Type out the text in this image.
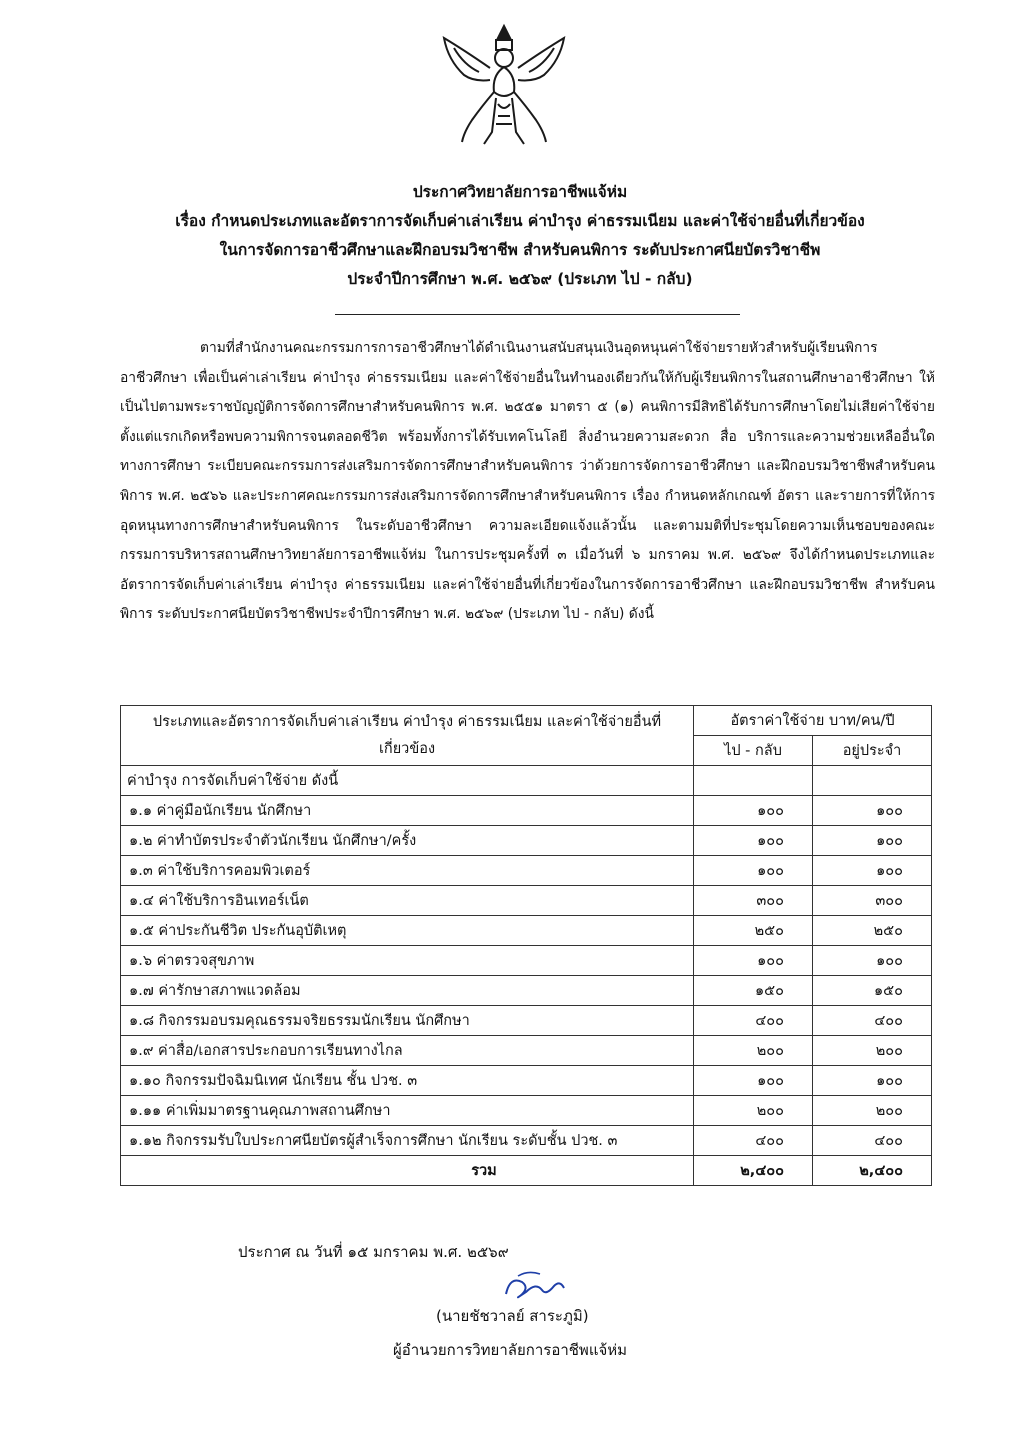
ประกาศวิทยาลัยการอาชีพแจ้ห่ม
เรื่อง กำหนดประเภทและอัตราการจัดเก็บค่าเล่าเรียน ค่าบำรุง ค่าธรรมเนียม และค่าใช้จ่ายอื่นที่เกี่ยวข้อง
ในการจัดการอาชีวศึกษาและฝึกอบรมวิชาชีพ สำหรับคนพิการ ระดับประกาศนียบัตรวิชาชีพ
ประจำปีการศึกษา พ.ศ. ๒๕๖๙ (ประเภท ไป - กลับ)
ตามที่สำนักงานคณะกรรมการการอาชีวศึกษาได้ดำเนินงานสนับสนุนเงินอุดหนุนค่าใช้จ่ายรายหัวสำหรับผู้เรียนพิการอาชีวศึกษา เพื่อเป็นค่าเล่าเรียน ค่าบำรุง ค่าธรรมเนียม และค่าใช้จ่ายอื่นในทำนองเดียวกันให้กับผู้เรียนพิการในสถานศึกษาอาชีวศึกษา ให้เป็นไปตามพระราชบัญญัติการจัดการศึกษาสำหรับคนพิการ พ.ศ. ๒๕๕๑ มาตรา ๕ (๑) คนพิการมีสิทธิได้รับการศึกษาโดยไม่เสียค่าใช้จ่าย ตั้งแต่แรกเกิดหรือพบความพิการจนตลอดชีวิต พร้อมทั้งการได้รับเทคโนโลยี สิ่งอำนวยความสะดวก สื่อ บริการและความช่วยเหลืออื่นใด ทางการศึกษา ระเบียบคณะกรรมการส่งเสริมการจัดการศึกษาสำหรับคนพิการ ว่าด้วยการจัดการอาชีวศึกษา และฝึกอบรมวิชาชีพสำหรับคนพิการ พ.ศ. ๒๕๖๖ และประกาศคณะกรรมการส่งเสริมการจัดการศึกษาสำหรับคนพิการ เรื่อง กำหนดหลักเกณฑ์ อัตรา และรายการที่ให้การอุดหนุนทางการศึกษาสำหรับคนพิการ ในระดับอาชีวศึกษา ความละเอียดแจ้งแล้วนั้น และตามมติที่ประชุมโดยความเห็นชอบของคณะกรรมการบริหารสถานศึกษาวิทยาลัยการอาชีพแจ้ห่ม ในการประชุมครั้งที่ ๓ เมื่อวันที่ ๖ มกราคม พ.ศ. ๒๕๖๙ จึงได้กำหนดประเภทและอัตราการจัดเก็บค่าเล่าเรียน ค่าบำรุง ค่าธรรมเนียม และค่าใช้จ่ายอื่นที่เกี่ยวข้องในการจัดการอาชีวศึกษา และฝึกอบรมวิชาชีพ สำหรับคนพิการ ระดับประกาศนียบัตรวิชาชีพประจำปีการศึกษา พ.ศ. ๒๕๖๙ (ประเภท ไป - กลับ) ดังนี้
ประเภทและอัตราการจัดเก็บค่าเล่าเรียน ค่าบำรุง ค่าธรรมเนียม และค่าใช้จ่ายอื่นที่เกี่ยวข้อง	อัตราค่าใช้จ่าย บาท/คน/ปี	
	ไป - กลับ	อยู่ประจำ
ค่าบำรุง การจัดเก็บค่าใช้จ่าย ดังนี้		
๑.๑ ค่าคู่มือนักเรียน นักศึกษา	๑๐๐	๑๐๐
๑.๒ ค่าทำบัตรประจำตัวนักเรียน นักศึกษา/ครั้ง	๑๐๐	๑๐๐
๑.๓ ค่าใช้บริการคอมพิวเตอร์	๑๐๐	๑๐๐
๑.๔ ค่าใช้บริการอินเทอร์เน็ต	๓๐๐	๓๐๐
๑.๕ ค่าประกันชีวิต ประกันอุบัติเหตุ	๒๕๐	๒๕๐
๑.๖ ค่าตรวจสุขภาพ	๑๐๐	๑๐๐
๑.๗ ค่ารักษาสภาพแวดล้อม	๑๕๐	๑๕๐
๑.๘ กิจกรรมอบรมคุณธรรมจริยธรรมนักเรียน นักศึกษา	๔๐๐	๔๐๐
๑.๙ ค่าสื่อ/เอกสารประกอบการเรียนทางไกล	๒๐๐	๒๐๐
๑.๑๐ กิจกรรมปัจฉิมนิเทศ นักเรียน ชั้น ปวช. ๓	๑๐๐	๑๐๐
๑.๑๑ ค่าเพิ่มมาตรฐานคุณภาพสถานศึกษา	๒๐๐	๒๐๐
๑.๑๒ กิจกรรมรับใบประกาศนียบัตรผู้สำเร็จการศึกษา นักเรียน ระดับชั้น ปวช. ๓	๔๐๐	๔๐๐
รวม	๒,๔๐๐	๒,๔๐๐
ประกาศ ณ วันที่ ๑๕ มกราคม พ.ศ. ๒๕๖๙
(นายชัชวาลย์ สาระภูมิ)
ผู้อำนวยการวิทยาลัยการอาชีพแจ้ห่ม
